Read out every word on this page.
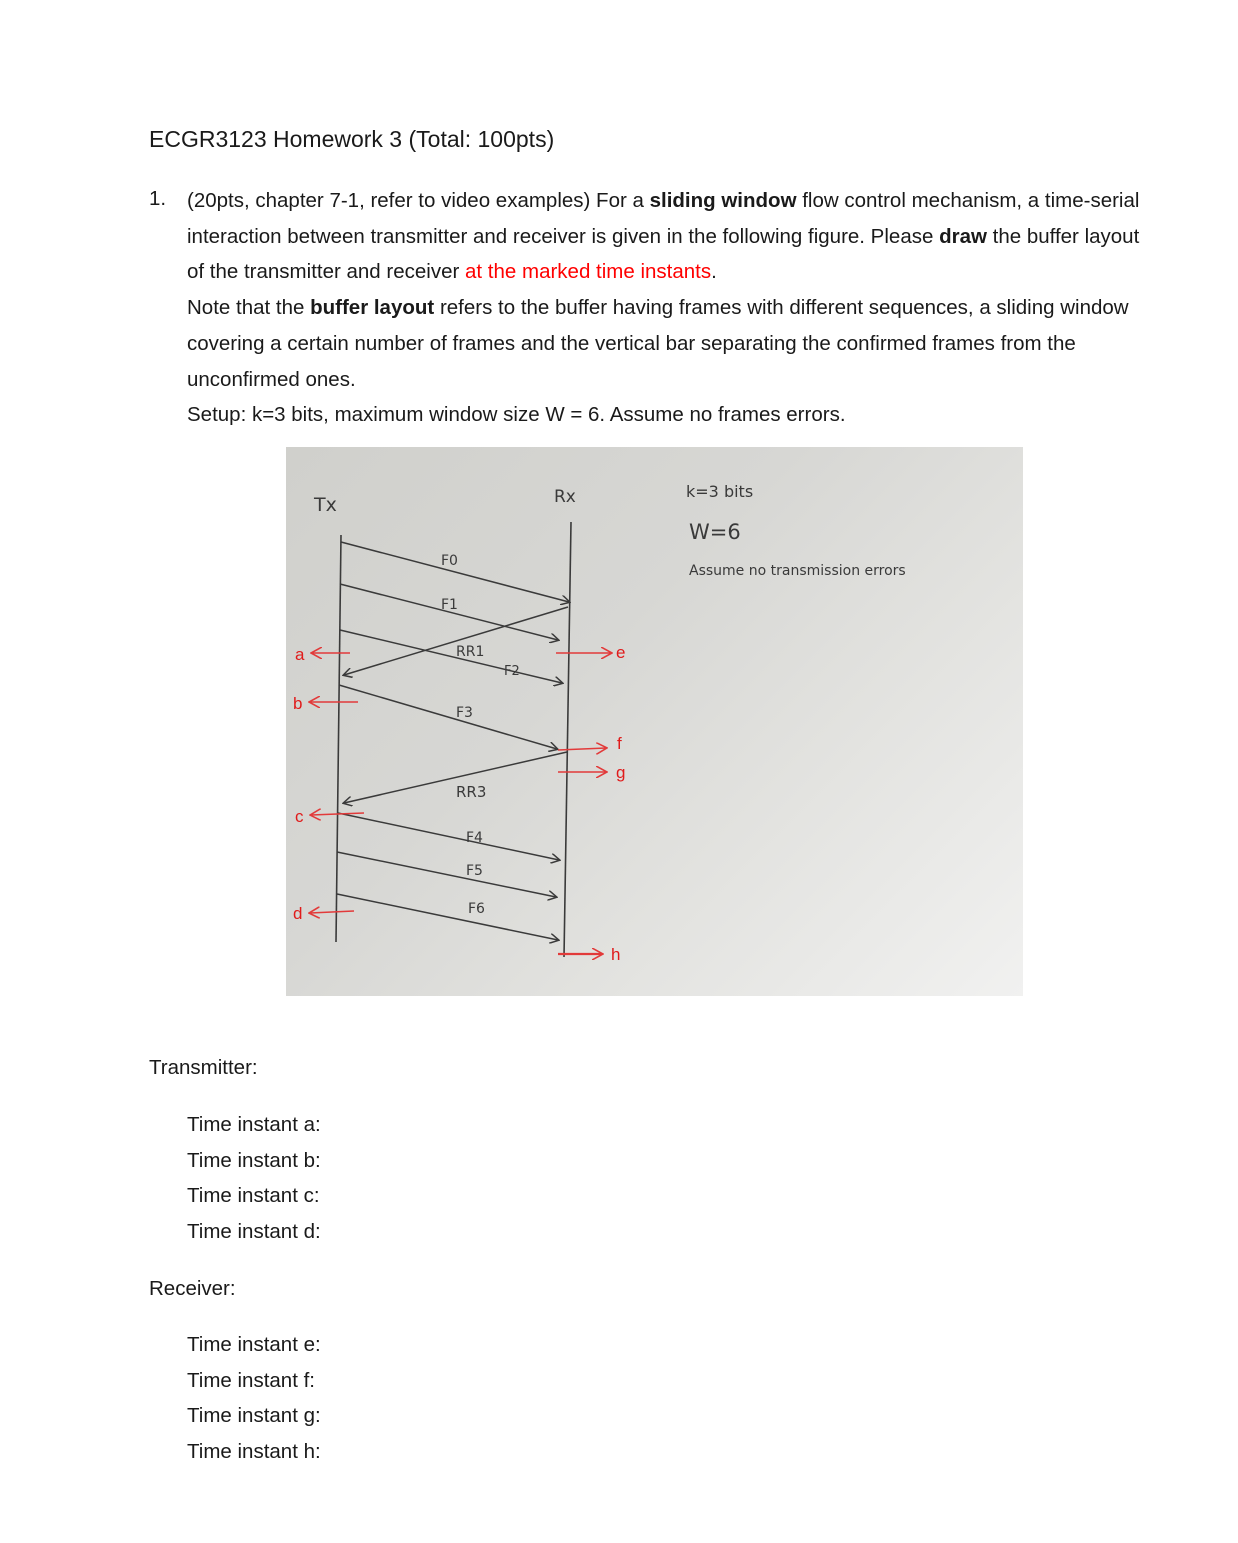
ECGR3123 Homework 3 (Total: 100pts)
1. (20pts, chapter 7-1, refer to video examples) For a sliding window flow control mechanism, a time-serial interaction between transmitter and receiver is given in the following figure. Please draw the buffer layout of the transmitter and receiver at the marked time instants.

Note that the buffer layout refers to the buffer having frames with different sequences, a sliding window covering a certain number of frames and the vertical bar separating the confirmed frames from the unconfirmed ones.

Setup: k=3 bits, maximum window size W = 6. Assume no frames errors.

Tx	Rx	k=3 bits
W=6
Assume no transmission errors
F0
F1
RR1
F2
F3
RR3
F4
F5
F6
a
b
c
d
e
f
g
h
Transmitter:
Time instant a:
Time instant b:
Time instant c:
Time instant d:
Receiver:
Time instant e:
Time instant f:
Time instant g:
Time instant h:
